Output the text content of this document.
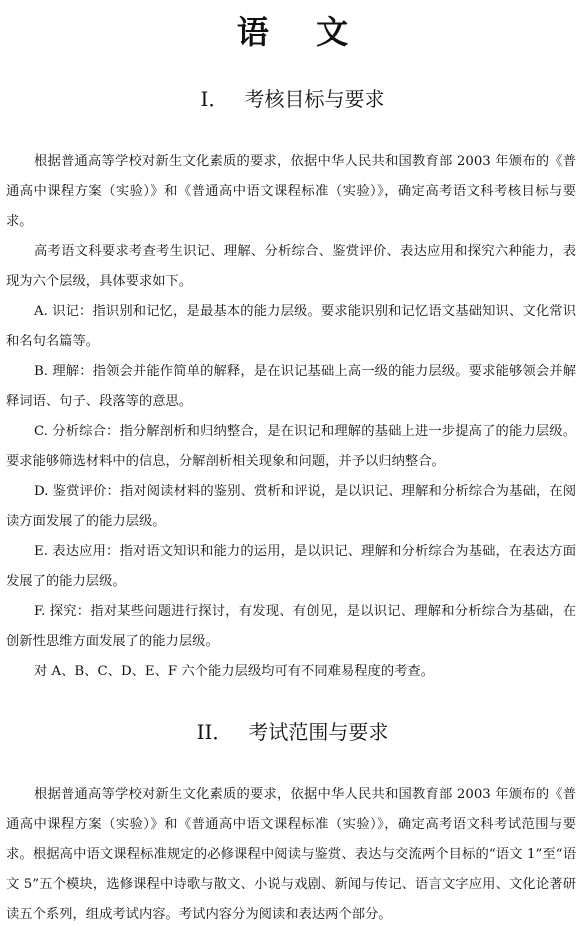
语 文
I． 考核目标与要求

根据普通高等学校对新生文化素质的要求，依据中华人民共和国教育部 2003 年颁布的《普通高中课程方案（实验）》和《普通高中语文课程标准（实验）》，确定高考语文科考核目标与要求。

高考语文科要求考查考生识记、理解、分析综合、鉴赏评价、表达应用和探究六种能力，表现为六个层级，具体要求如下。

A. 识记：指识别和记忆，是最基本的能力层级。要求能识别和记忆语文基础知识、文化常识和名句名篇等。

B. 理解：指领会并能作简单的解释，是在识记基础上高一级的能力层级。要求能够领会并解释词语、句子、段落等的意思。

C. 分析综合：指分解剖析和归纳整合，是在识记和理解的基础上进一步提高了的能力层级。要求能够筛选材料中的信息，分解剖析相关现象和问题，并予以归纳整合。

D. 鉴赏评价：指对阅读材料的鉴别、赏析和评说，是以识记、理解和分析综合为基础，在阅读方面发展了的能力层级。

E. 表达应用：指对语文知识和能力的运用，是以识记、理解和分析综合为基础，在表达方面发展了的能力层级。

F. 探究：指对某些问题进行探讨，有发现、有创见，是以识记、理解和分析综合为基础，在创新性思维方面发展了的能力层级。

对 A、B、C、D、E、F 六个能力层级均可有不同难易程度的考查。

II． 考试范围与要求

根据普通高等学校对新生文化素质的要求，依据中华人民共和国教育部 2003 年颁布的《普通高中课程方案（实验）》和《普通高中语文课程标准（实验）》，确定高考语文科考试范围与要求。根据高中语文课程标准规定的必修课程中阅读与鉴赏、表达与交流两个目标的“语文 1”至“语文 5”五个模块，选修课程中诗歌与散文、小说与戏剧、新闻与传记、语言文字应用、文化论著研读五个系列，组成考试内容。考试内容分为阅读和表达两个部分。
